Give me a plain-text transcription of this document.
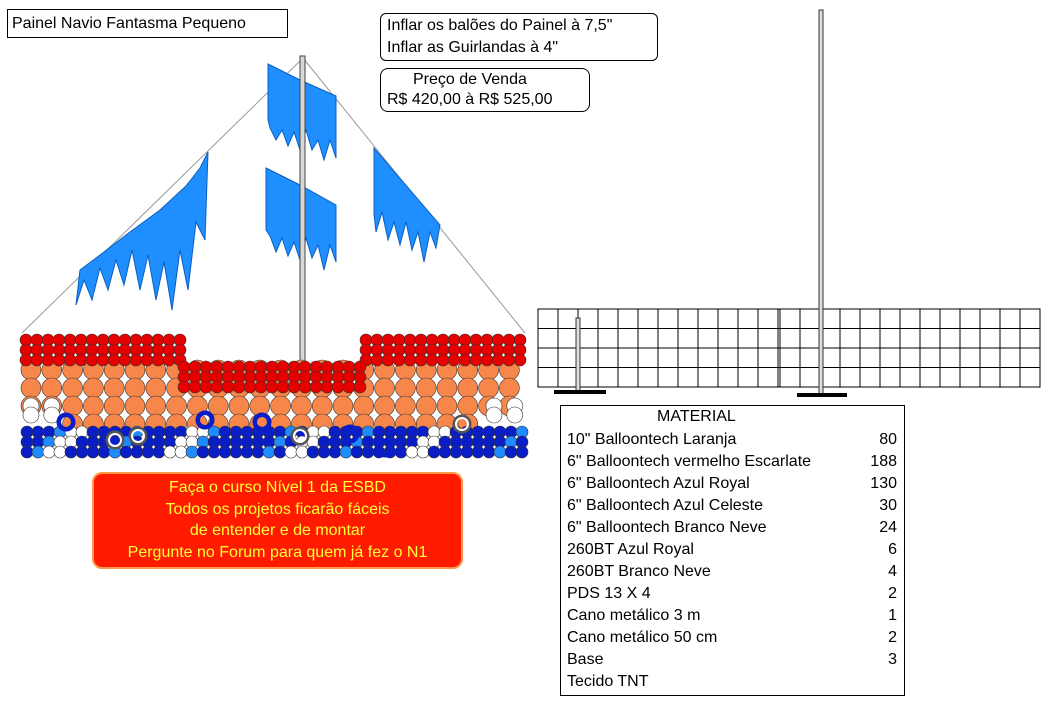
Painel Navio Fantasma Pequeno	Inflar os balões do Painel à 7,5"
Inflar as Guirlandas à 4"
Preço de Venda
R$ 420,00 à R$ 525,00
Faça o curso Nível 1 da ESBD
Todos os projetos ficarão fáceis
de entender e de montar
Pergunte no Forum para quem já fez o N1
MATERIAL
10" Balloontech Laranja	80
6" Balloontech vermelho Escarlate	188
6" Balloontech Azul Royal	130
6" Balloontech Azul Celeste	30
6" Balloontech Branco Neve	24
260BT Azul Royal	6
260BT Branco Neve	4
PDS 13 X 4	2
Cano metálico 3 m	1
Cano metálico 50 cm	2
Base	3
Tecido TNT
